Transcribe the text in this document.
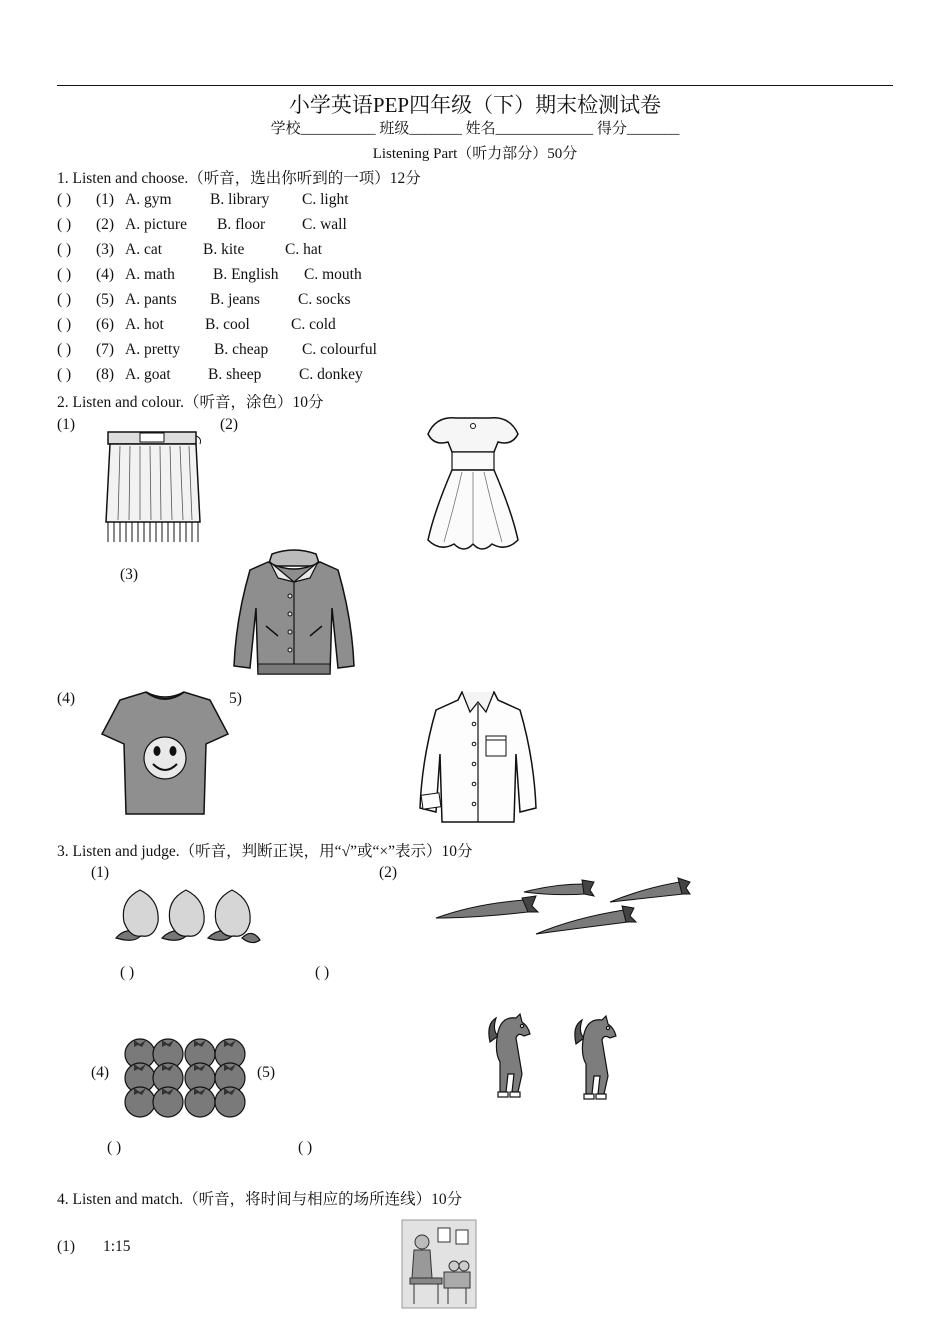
小学英语PEP四年级（下）期末检测试卷
学校__________ 班级_______ 姓名_____________ 得分_______
Listening Part（听力部分）50分
1. Listen and choose.（听音，选出你听到的一项）12分
( ) (1) A. gym B. library C. light
( ) (2) A. picture B. floor C. wall
( ) (3) A. cat	B. kite	C. hat
( ) (4) A. math B. English C. mouth
( ) (5) A. pants B. jeans C. socks
( ) (6) A. hot	B. cool	C. cold
( ) (7) A. pretty B. cheap C. colourful
( ) (8) A. goat B. sheep C. donkey
2. Listen and colour.（听音，涂色）10分
(1)	(2)
(3)
(4)	5)
3. Listen and judge.（听音，判断正误，用“√”或“×”表示）10分
(1)	(2)
(4)	(5)
( )	( )
( )	( )
4. Listen and match.（听音，将时间与相应的场所连线）10分
(1) 1:15
